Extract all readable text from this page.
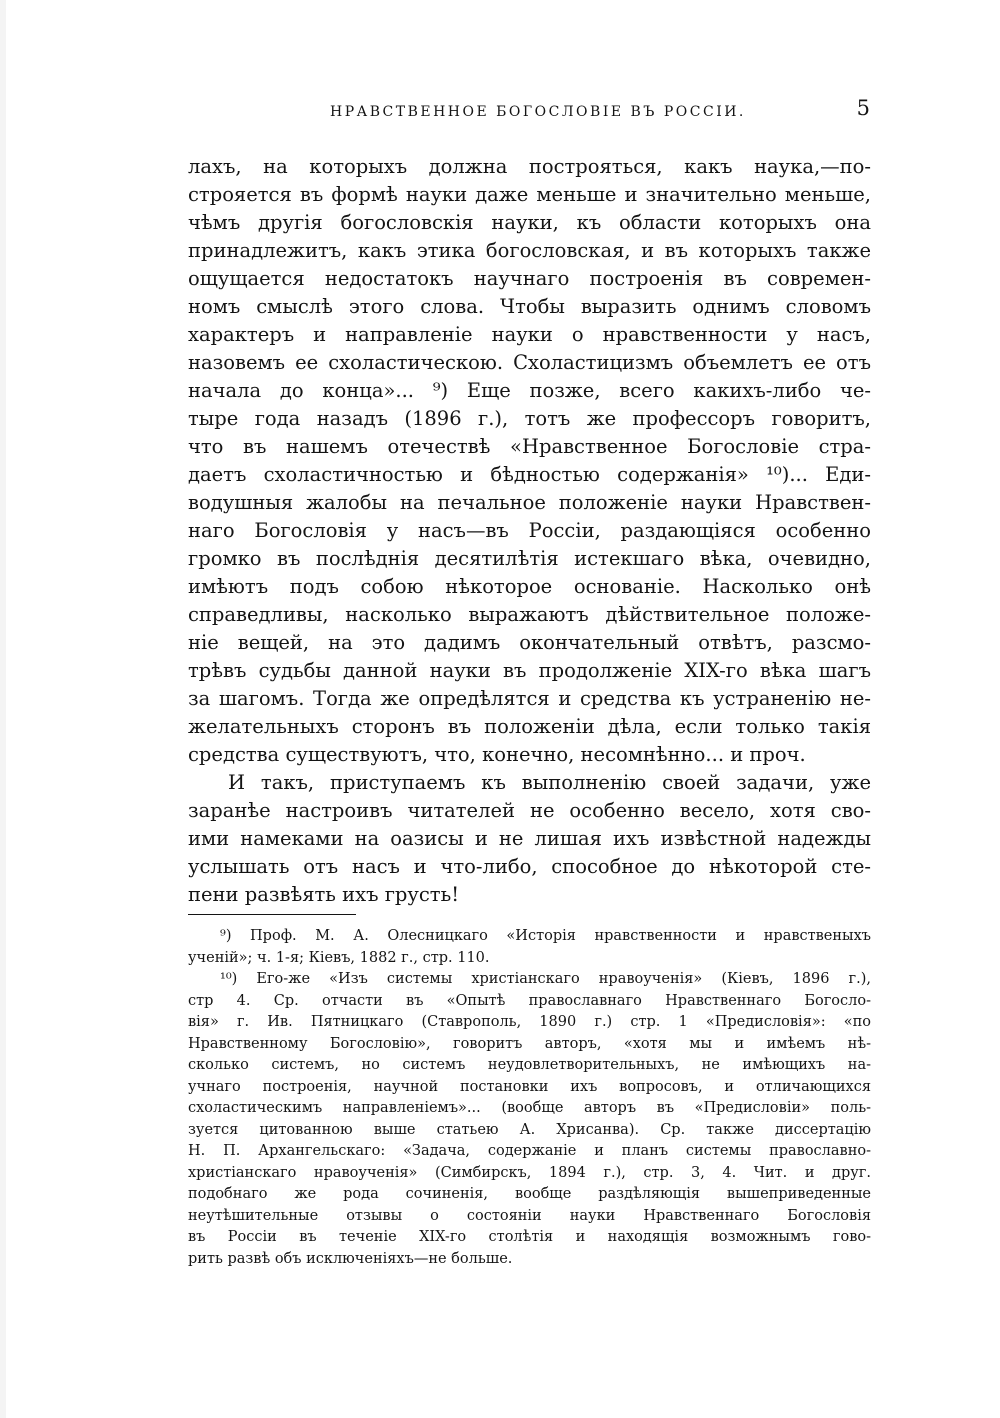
НРАВСТВЕННОЕ БОГОСЛОВІЕ ВЪ РОССІИ.	5
лахъ, на которыхъ должна построяться, какъ наука,—по-
строяется въ формѣ науки даже меньше и значительно меньше,
чѣмъ другія богословскія науки, къ области которыхъ она
принадлежитъ, какъ этика богословская, и въ которыхъ также
ощущается недостатокъ научнаго построенія въ современ-
номъ смыслѣ этого слова. Чтобы выразить однимъ словомъ
характеръ и направленіе науки о нравственности у насъ,
назовемъ ее схоластическою. Схоластицизмъ объемлетъ ее отъ
начала до конца»... ⁹) Еще позже, всего какихъ-либо че-
тыре года назадъ (1896 г.), тотъ же профессоръ говоритъ,
что въ нашемъ отечествѣ «Нравственное Богословіе стра-
даетъ схоластичностью и бѣдностью содержанія» ¹⁰)... Еди-
водушныя жалобы на печальное положеніе науки Нравствен-
наго Богословія у насъ—въ Россіи, раздающіяся особенно
громко въ послѣднія десятилѣтія истекшаго вѣка, очевидно,
имѣютъ подъ собою нѣкоторое основаніе. Насколько онѣ
справедливы, насколько выражаютъ дѣйствительное положе-
ніе вещей, на это дадимъ окончательный отвѣтъ, разсмо-
трѣвъ судьбы данной науки въ продолженіе XIX-го вѣка шагъ
за шагомъ. Тогда же опредѣлятся и средства къ устраненію не-
желательныхъ сторонъ въ положеніи дѣла, если только такія
средства существуютъ, что, конечно, несомнѣнно... и проч.
И такъ, приступаемъ къ выполненію своей задачи, уже
заранѣе настроивъ читателей не особенно весело, хотя сво-
ими намеками на оазисы и не лишая ихъ извѣстной надежды
услышать отъ насъ и что-либо, способное до нѣкоторой сте-
пени развѣять ихъ грусть!
⁹) Проф. М. А. Олесницкаго «Исторія нравственности и нравственыхъ
ученій»; ч. 1-я; Кіевъ, 1882 г., стр. 110.
¹⁰) Его-же «Изъ системы христіанскаго нравоученія» (Кіевъ, 1896 г.),
стр 4. Ср. отчасти въ «Опытѣ православнаго Нравственнаго Богосло-
вія» г. Ив. Пятницкаго (Ставрополь, 1890 г.) стр. 1 «Предисловія»: «по
Нравственному Богословію», говоритъ авторъ, «хотя мы и имѣемъ нѣ-
сколько системъ, но системъ неудовлетворительныхъ, не имѣющихъ на-
учнаго построенія, научной постановки ихъ вопросовъ, и отличающихся
схоластическимъ направленіемъ»... (вообще авторъ въ «Предисловіи» поль-
зуется цитованною выше статьею А. Хрисанва). Ср. также диссертацію
Н. П. Архангельскаго: «Задача, содержаніе и планъ системы православно-
христіанскаго нравоученія» (Симбирскъ, 1894 г.), стр. 3, 4. Чит. и друг.
подобнаго же рода сочиненія, вообще раздѣляющія вышеприведенные
неутѣшительные отзывы о состояніи науки Нравственнаго Богословія
въ Россіи въ теченіе XIX-го столѣтія и находящія возможнымъ гово-
рить развѣ объ исключеніяхъ—не больше.
